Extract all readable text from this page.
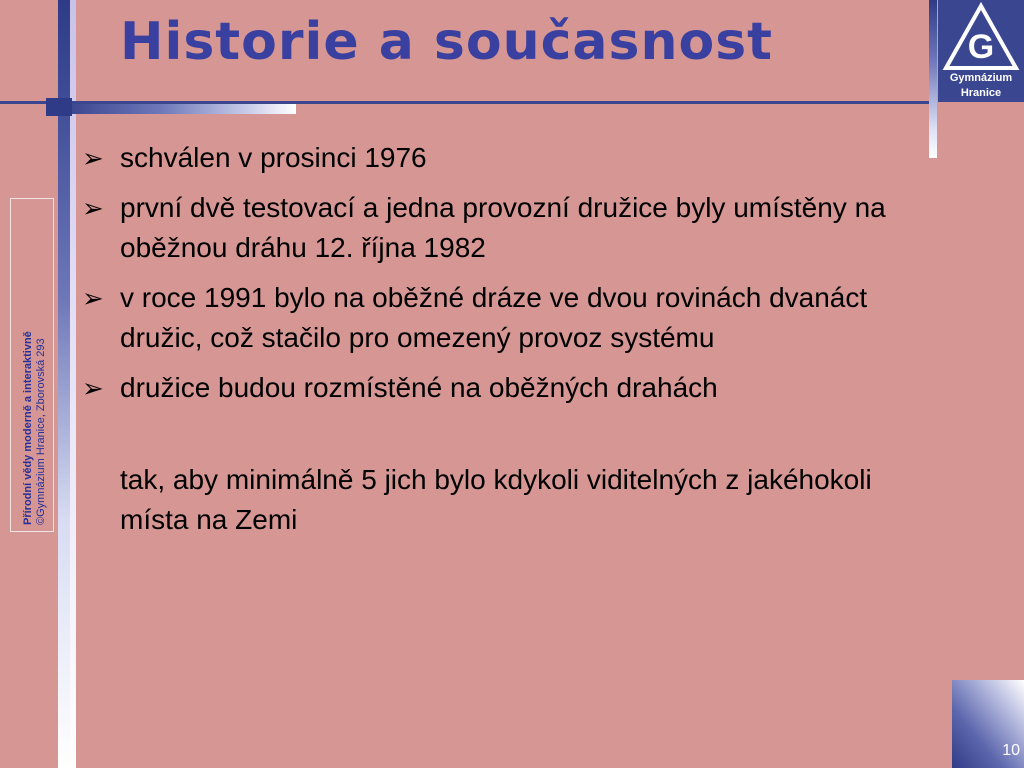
Historie a současnost	G
Gymnázium
Hranice
Přírodní vědy moderně a interaktivně ©Gymnázium Hranice, Zborovská 293
➢ schválen v prosinci 1976
➢ první dvě testovací a jedna provozní družice byly umístěny na oběžnou dráhu 12. října 1982
➢ v roce 1991 bylo na oběžné dráze ve dvou rovinách dvanáct družic, což stačilo pro omezený provoz systému
➢ družice budou rozmístěné na oběžných drahách

tak, aby minimálně 5 jich bylo kdykoli viditelných z jakéhokoli místa na Zemi

10
